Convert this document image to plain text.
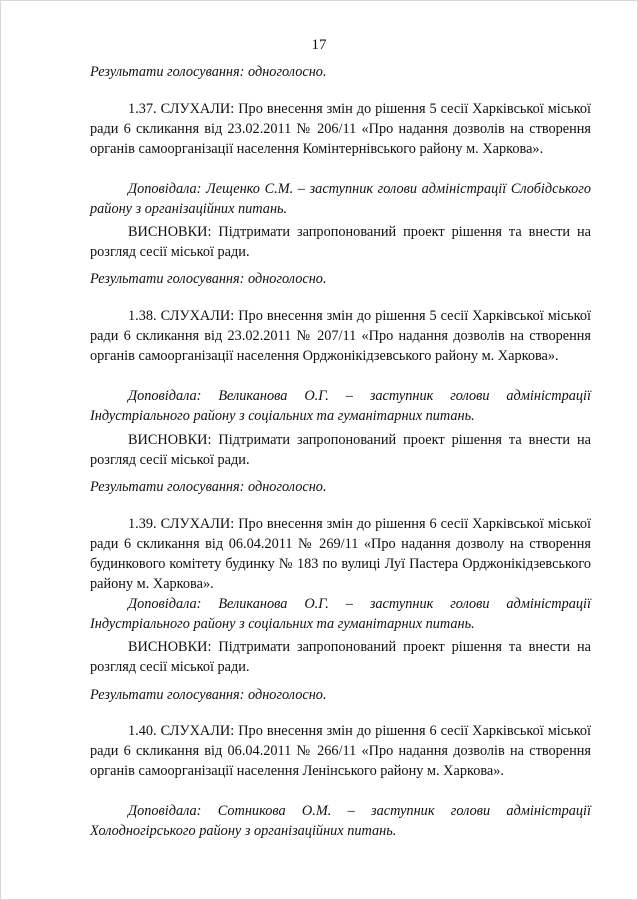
17

Результати голосування: одноголосно.

1.37. СЛУХАЛИ: Про внесення змін до рішення 5 сесії Харківської міської ради 6 скликання від 23.02.2011 № 206/11 «Про надання дозволів на створення органів самоорганізації населення Комінтернівського району м. Харкова».

Доповідала: Лещенко С.М. – заступник голови адміністрації Слобідського району з організаційних питань.

ВИСНОВКИ: Підтримати запропонований проект рішення та внести на розгляд сесії міської ради.

Результати голосування: одноголосно.

1.38. СЛУХАЛИ: Про внесення змін до рішення 5 сесії Харківської міської ради 6 скликання від 23.02.2011 № 207/11 «Про надання дозволів на створення органів самоорганізації населення Орджонікідзевського району м. Харкова».

Доповідала: Великанова О.Г. – заступник голови адміністрації Індустріального району з соціальних та гуманітарних питань.

ВИСНОВКИ: Підтримати запропонований проект рішення та внести на розгляд сесії міської ради.

Результати голосування: одноголосно.

1.39. СЛУХАЛИ: Про внесення змін до рішення 6 сесії Харківської міської ради 6 скликання від 06.04.2011 № 269/11 «Про надання дозволу на створення будинкового комітету будинку № 183 по вулиці Луї Пастера Орджонікідзевського району м. Харкова».

Доповідала: Великанова О.Г. – заступник голови адміністрації Індустріального району з соціальних та гуманітарних питань.

ВИСНОВКИ: Підтримати запропонований проект рішення та внести на розгляд сесії міської ради.

Результати голосування: одноголосно.

1.40. СЛУХАЛИ: Про внесення змін до рішення 6 сесії Харківської міської ради 6 скликання від 06.04.2011 № 266/11 «Про надання дозволів на створення органів самоорганізації населення Ленінського району м. Харкова».

Доповідала: Сотникова О.М. – заступник голови адміністрації Холодногірського району з організаційних питань.
